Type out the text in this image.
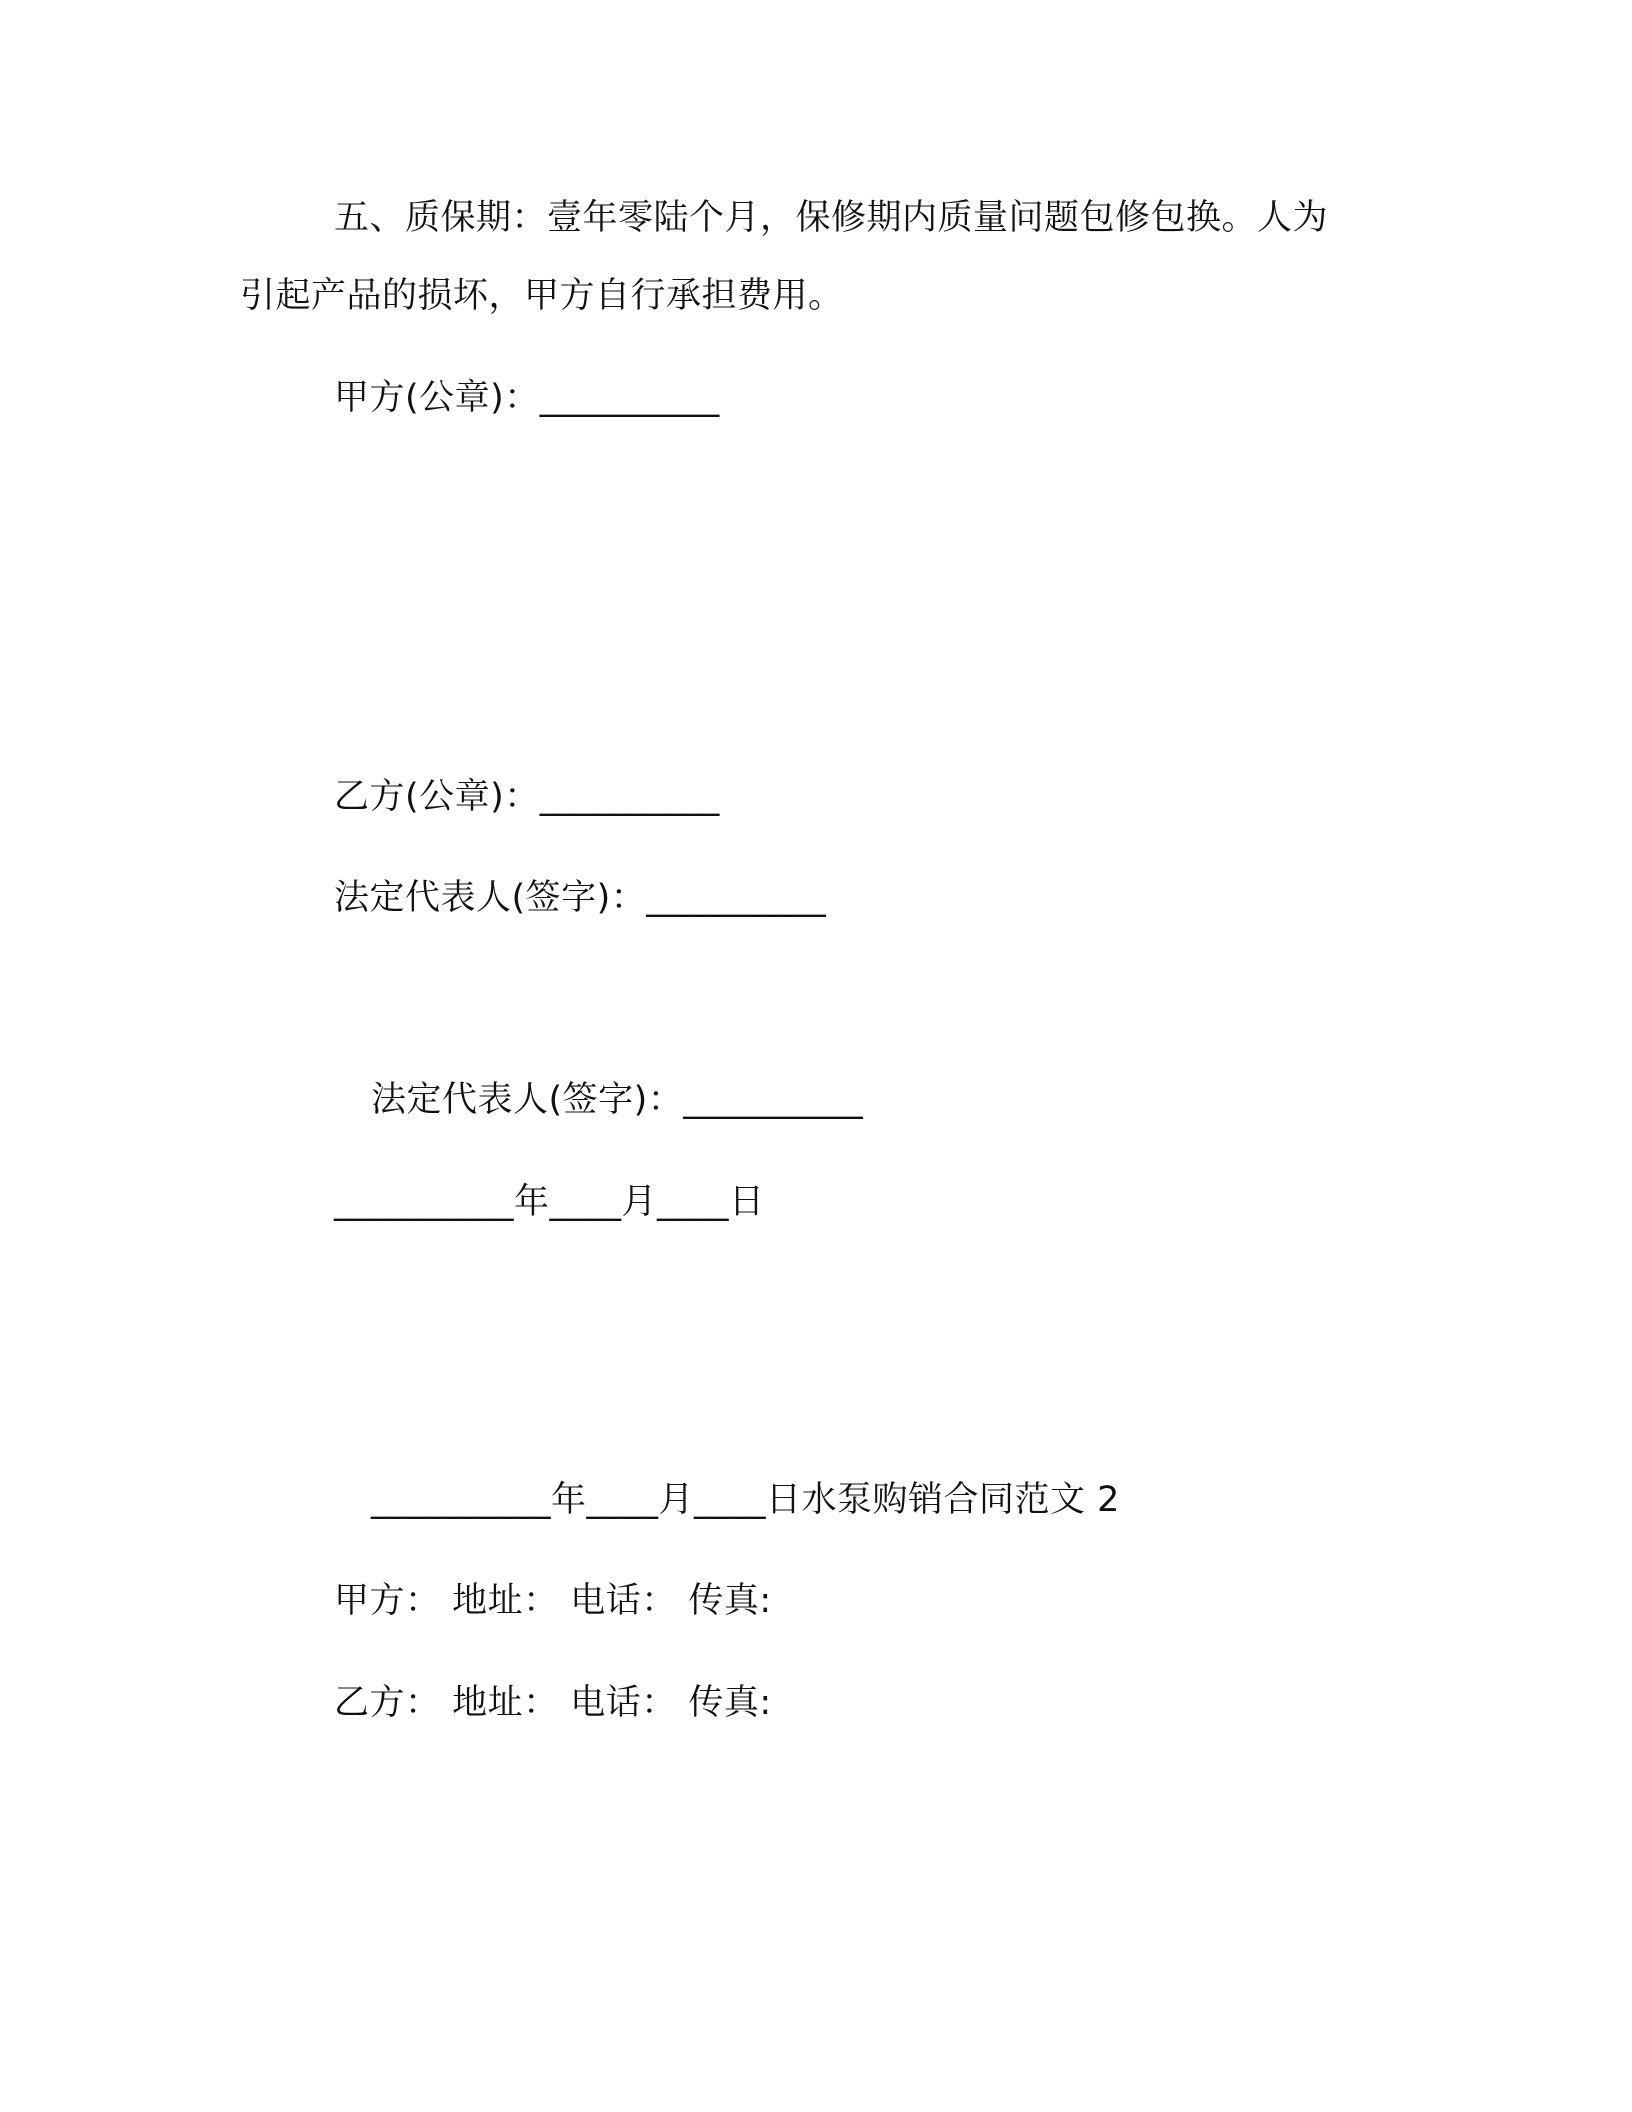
五、质保期：壹年零陆个月，保修期内质量问题包修包换。人为
引起产品的损坏，甲方自行承担费用。
甲方(公章)：__________
乙方(公章)：__________
法定代表人(签字)：__________
法定代表人(签字)：__________
__________年____月____日
__________年____月____日水泵购销合同范文 2
甲方： 地址： 电话： 传真:
乙方： 地址： 电话： 传真:
